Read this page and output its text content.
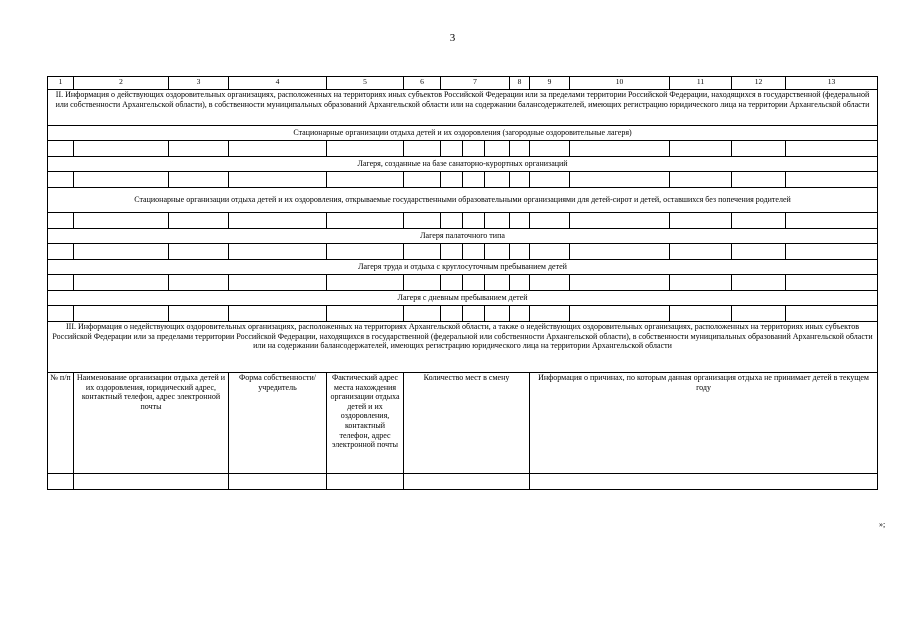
3
1	2	3	4	5	6	7			8	9	10	11	12	13
II. Информация о действующих оздоровительных организациях, расположенных на территориях иных субъектов Российской Федерации или за пределами территории Российской Федерации, находящихся в государственной (федеральной или собственности Архангельской области), в собственности муниципальных образований Архангельской области или на содержании балансодержателей, имеющих регистрацию юридического лица на территории Архангельской области														
Стационарные организации отдыха детей и их оздоровления (загородные оздоровительные лагеря)														

Лагеря, созданные на базе санаторно-курортных организаций														

Стационарные организации отдыха детей и их оздоровления, открываемые государственными образовательными организациями для детей-сирот и детей, оставшихся без попечения родителей														

Лагеря палаточного типа														

Лагеря труда и отдыха с круглосуточным пребыванием детей														

Лагеря с дневным пребыванием детей														

III. Информация о недействующих оздоровительных организациях, расположенных на территориях Архангельской области, а также о недействующих оздоровительных организациях, расположенных на территориях иных субъектов Российской Федерации или за пределами территории Российской Федерации, находящихся в государственной (федеральной или собственности Архангельской области), в собственности муниципальных образований Архангельской области или на содержании балансодержателей, имеющих регистрацию юридического лица на территории Архангельской области														
№ п/п	Наименование организации отдыха детей и их оздоровления, юридический адрес, контактный телефон, адрес электронной почты		Форма собственности/ учредитель	Фактический адрес места нахождения организации отдыха детей и их оздоровления, контактный телефон, адрес электронной почты	Количество мест в смену					Информация о причинах, по которым данная организация отдыха не принимает детей в текущем году				

»;
